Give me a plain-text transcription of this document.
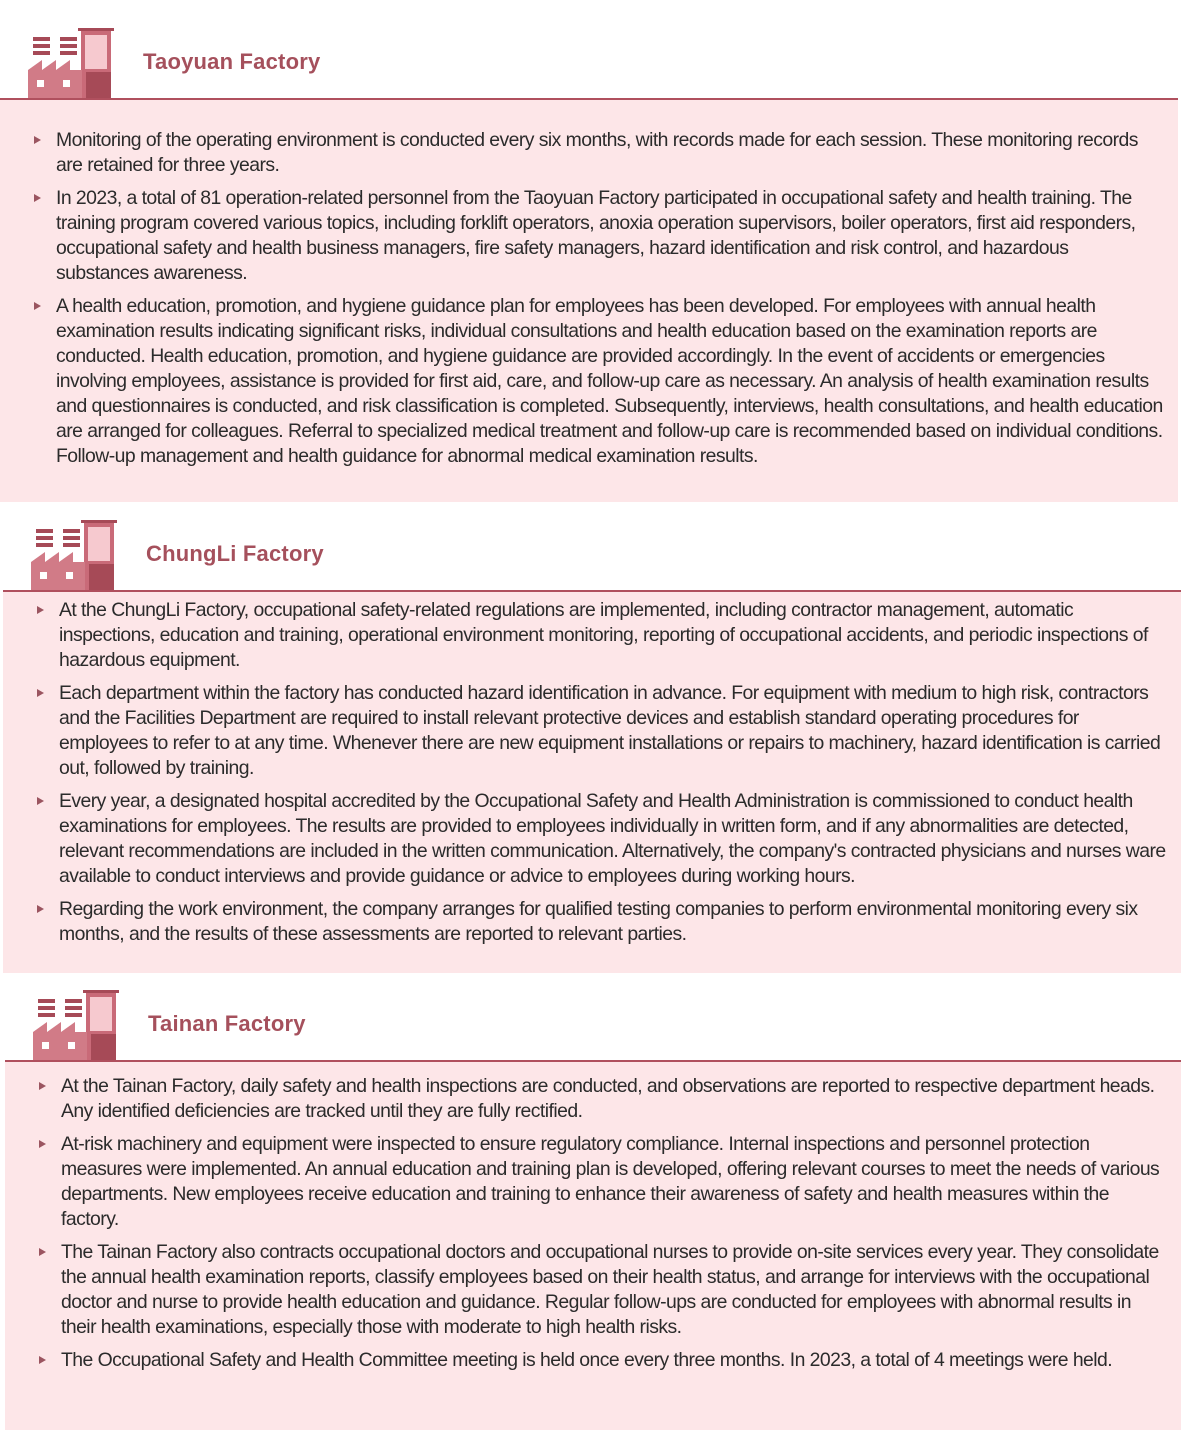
Taoyuan Factory
Monitoring of the operating environment is conducted every six months, with records made for each session. These monitoring records are retained for three years.
In 2023, a total of 81 operation-related personnel from the Taoyuan Factory participated in occupational safety and health training. The training program covered various topics, including forklift operators, anoxia operation supervisors, boiler operators, first aid responders, occupational safety and health business managers, fire safety managers, hazard identification and risk control, and hazardous substances awareness.
A health education, promotion, and hygiene guidance plan for employees has been developed. For employees with annual health examination results indicating significant risks, individual consultations and health education based on the examination reports are conducted. Health education, promotion, and hygiene guidance are provided accordingly. In the event of accidents or emergencies involving employees, assistance is provided for first aid, care, and follow-up care as necessary. An analysis of health examination results and questionnaires is conducted, and risk classification is completed. Subsequently, interviews, health consultations, and health education are arranged for colleagues. Referral to specialized medical treatment and follow-up care is recommended based on individual conditions. Follow-up management and health guidance for abnormal medical examination results.
ChungLi Factory
At the ChungLi Factory, occupational safety-related regulations are implemented, including contractor management, automatic inspections, education and training, operational environment monitoring, reporting of occupational accidents, and periodic inspections of hazardous equipment.
Each department within the factory has conducted hazard identification in advance. For equipment with medium to high risk, contractors and the Facilities Department are required to install relevant protective devices and establish standard operating procedures for employees to refer to at any time. Whenever there are new equipment installations or repairs to machinery, hazard identification is carried out, followed by training.
Every year, a designated hospital accredited by the Occupational Safety and Health Administration is commissioned to conduct health examinations for employees. The results are provided to employees individually in written form, and if any abnormalities are detected, relevant recommendations are included in the written communication. Alternatively, the company's contracted physicians and nurses ware available to conduct interviews and provide guidance or advice to employees during working hours.
Regarding the work environment, the company arranges for qualified testing companies to perform environmental monitoring every six months, and the results of these assessments are reported to relevant parties.
Tainan Factory
At the Tainan Factory, daily safety and health inspections are conducted, and observations are reported to respective department heads. Any identified deficiencies are tracked until they are fully rectified.
At-risk machinery and equipment were inspected to ensure regulatory compliance. Internal inspections and personnel protection measures were implemented. An annual education and training plan is developed, offering relevant courses to meet the needs of various departments. New employees receive education and training to enhance their awareness of safety and health measures within the factory.
The Tainan Factory also contracts occupational doctors and occupational nurses to provide on-site services every year. They consolidate the annual health examination reports, classify employees based on their health status, and arrange for interviews with the occupational doctor and nurse to provide health education and guidance. Regular follow-ups are conducted for employees with abnormal results in their health examinations, especially those with moderate to high health risks.
The Occupational Safety and Health Committee meeting is held once every three months. In 2023, a total of 4 meetings were held.
